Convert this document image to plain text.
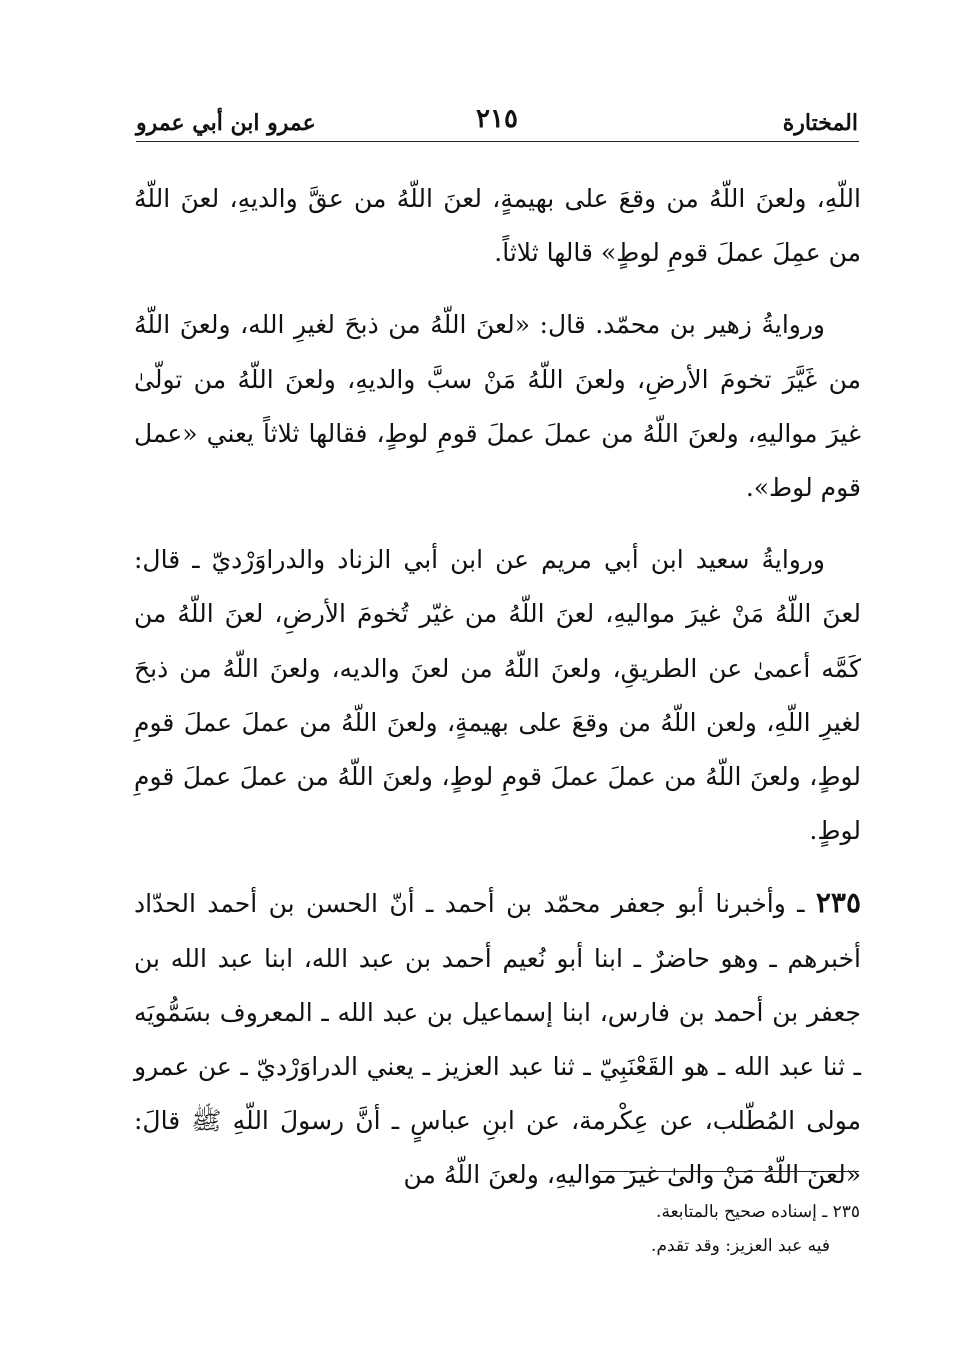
المختارة
٢١٥
عمرو ابن أبي عمرو

اللّهِ، ولعنَ اللّهُ من وقعَ على بهيمةٍ، لعنَ اللّهُ من عقَّ والديهِ، لعنَ اللّهُ من عمِلَ عملَ قومِ لوطٍ» قالها ثلاثاً.

وروايةُ زهير بن محمّد. قال: «لعنَ اللّهُ من ذبحَ لغيرِ الله، ولعنَ اللّهُ من غَيَّرَ تخومَ الأرضِ، ولعنَ اللّهُ مَنْ سبَّ والديهِ، ولعنَ اللّهُ من تولّىٰ غيرَ مواليهِ، ولعنَ اللّهُ من عملَ عملَ قومِ لوطٍ، فقالها ثلاثاً يعني «عمل قوم لوط».

وروايةُ سعيد ابن أبي مريم عن ابن أبي الزناد والدراوَرْديّ ـ قال: لعنَ اللّهُ مَنْ غيرَ مواليهِ، لعنَ اللّهُ من غيّر تُخومَ الأرضِ، لعنَ اللّهُ من كَمَّه أعمىٰ عن الطريقِ، ولعنَ اللّهُ من لعنَ والديه، ولعنَ اللّهُ من ذبحَ لغيرِ اللّهِ، ولعن اللّهُ من وقعَ على بهيمةٍ، ولعنَ اللّهُ من عملَ عملَ قومِ لوطٍ، ولعنَ اللّهُ من عملَ عملَ قومِ لوطٍ، ولعنَ اللّهُ من عملَ عملَ قومِ لوطٍ.

٢٣٥ ـ وأخبرنا أبو جعفر محمّد بن أحمد ـ أنّ الحسن بن أحمد الحدّاد أخبرهم ـ وهو حاضرٌ ـ ابنا أبو نُعيم أحمد بن عبد الله، ابنا عبد الله بن جعفر بن أحمد بن فارس، ابنا إسماعيل بن عبد الله ـ المعروف بسَمُّويَه ـ ثنا عبد الله ـ هو القَعْنَبِيّ ـ ثنا عبد العزيز ـ يعني الدراوَرْديّ ـ عن عمرو مولى المُطّلب، عن عِكْرمة، عن ابنِ عباسٍ ـ أنَّ رسولَ اللّهِ ﷺ قالَ: «لعنَ اللّهُ مَنْ والىٰ غيرَ مواليهِ، ولعنَ اللّهُ من

٢٣٥ ـ إسناده صحيح بالمتابعة.

فيه عبد العزيز: وقد تقدم.
